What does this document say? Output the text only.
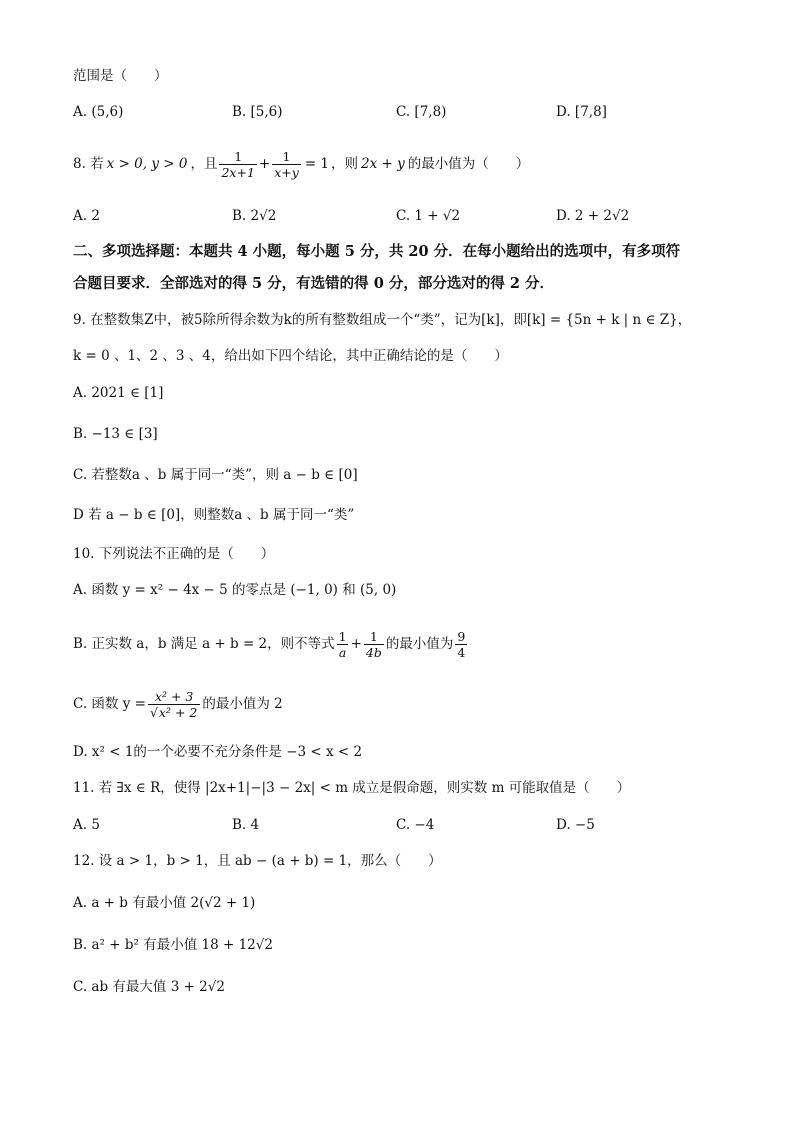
范围是（　　）
A. (5,6)	B. [5,6)	C. [7,8)	D. [7,8]
8. 若 x > 0, y > 0 ，且 $\frac{1}{2x+1} + \frac{1}{x+y} = 1$ ，则 2x + y 的最小值为（　　）
A. 2	B. 2√2	C. 1 + √2	D. 2 + 2√2
二、多项选择题：本题共 4 小题，每小题 5 分，共 20 分．在每小题给出的选项中，有多项符
合题目要求．全部选对的得 5 分，有选错的得 0 分，部分选对的得 2 分．
9. 在整数集Z中，被5除所得余数为k的所有整数组成一个“类”，记为[k]，即[k] = {5n + k | n ∈ Z}，
k = 0 、1、2 、3 、4，给出如下四个结论，其中正确结论的是（　　）
A. 2021 ∈ [1]
B. −13 ∈ [3]
C. 若整数a 、b 属于同一“类”，则 a − b ∈ [0]
D 若 a − b ∈ [0]，则整数a 、b 属于同一“类”
10. 下列说法不正确的是（　　）
A. 函数 y = x² − 4x − 5 的零点是 (−1, 0) 和 (5, 0)
B. 正实数 a，b 满足 a + b = 2，则不等式 $\frac{1}{a} + \frac{1}{4b}$ 的最小值为 $\frac{9}{4}$
C. 函数 $y = \frac{\text{x² + 3}}{\text{√x² + 2}}$ 的最小值为 2
D. x² < 1的一个必要不充分条件是 −3 < x < 2
11. 若 ∃x ∈ R，使得 |2x+1|−|3 − 2x| < m 成立是假命题，则实数 m 可能取值是（　　）
A. 5	B. 4	C. −4	D. −5
12. 设 a > 1，b > 1，且 ab − (a + b) = 1，那么（　　）
A. a + b 有最小值 2(√2 + 1)
B. a² + b² 有最小值 18 + 12√2
C. ab 有最大值 3 + 2√2
